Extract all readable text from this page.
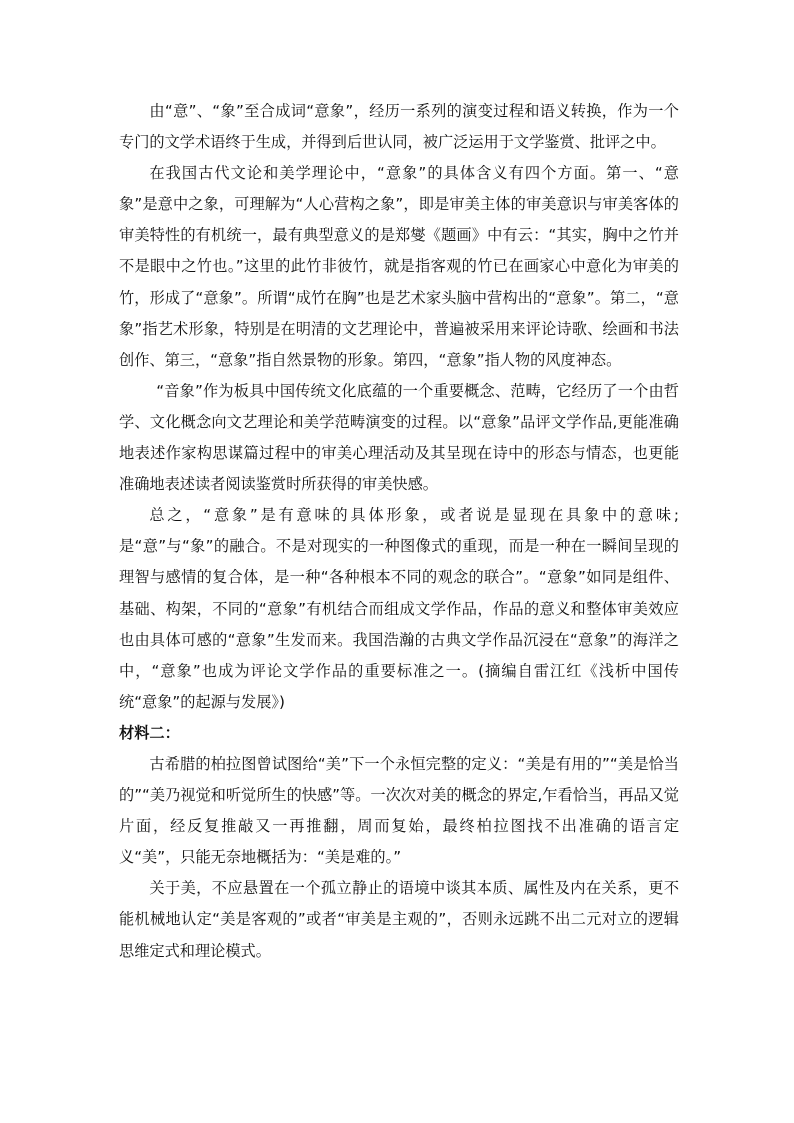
由“意”、“象”至合成词“意象”，经历一系列的演变过程和语义转换，作为一个专门的文学术语终于生成，并得到后世认同，被广泛运用于文学鉴赏、批评之中。

在我国古代文论和美学理论中，“意象”的具体含义有四个方面。第一、“意象”是意中之象，可理解为“人心营构之象”，即是审美主体的审美意识与审美客体的审美特性的有机统一，最有典型意义的是郑燮《题画》中有云：“其实，胸中之竹并不是眼中之竹也。”这里的此竹非彼竹，就是指客观的竹已在画家心中意化为审美的竹，形成了“意象”。所谓“成竹在胸”也是艺术家头脑中营构出的“意象”。第二，“意象”指艺术形象，特别是在明清的文艺理论中，普遍被采用来评论诗歌、绘画和书法创作、第三，“意象”指自然景物的形象。第四，“意象”指人物的风度神态。

“音象”作为板具中国传统文化底蕴的一个重要概念、范畴，它经历了一个由哲学、文化概念向文艺理论和美学范畴演变的过程。以“意象”品评文学作品,更能准确地表述作家构思谋篇过程中的审美心理活动及其呈现在诗中的形态与情态，也更能准确地表述读者阅读鉴赏时所获得的审美快感。

总之，“意象”是有意味的具体形象，或者说是显现在具象中的意味;是“意”与“象”的融合。不是对现实的一种图像式的重现，而是一种在一瞬间呈现的理智与感情的复合体，是一种“各种根本不同的观念的联合”。“意象”如同是组件、基础、构架，不同的“意象”有机结合而组成文学作品，作品的意义和整体审美效应也由具体可感的“意象”生发而来。我国浩瀚的古典文学作品沉浸在“意象”的海洋之中，“意象”也成为评论文学作品的重要标准之一。(摘编自雷江红《浅析中国传统“意象”的起源与发展》)

材料二：

古希腊的柏拉图曾试图给“美”下一个永恒完整的定义：“美是有用的”“美是恰当的”“美乃视觉和听觉所生的快感”等。一次次对美的概念的界定,乍看恰当，再品又觉片面，经反复推敲又一再推翻，周而复始，最终柏拉图找不出准确的语言定义“美”，只能无奈地概括为：“美是难的。”

关于美，不应悬置在一个孤立静止的语境中谈其本质、属性及内在关系，更不能机械地认定“美是客观的”或者“审美是主观的”，否则永远跳不出二元对立的逻辑思维定式和理论模式。
